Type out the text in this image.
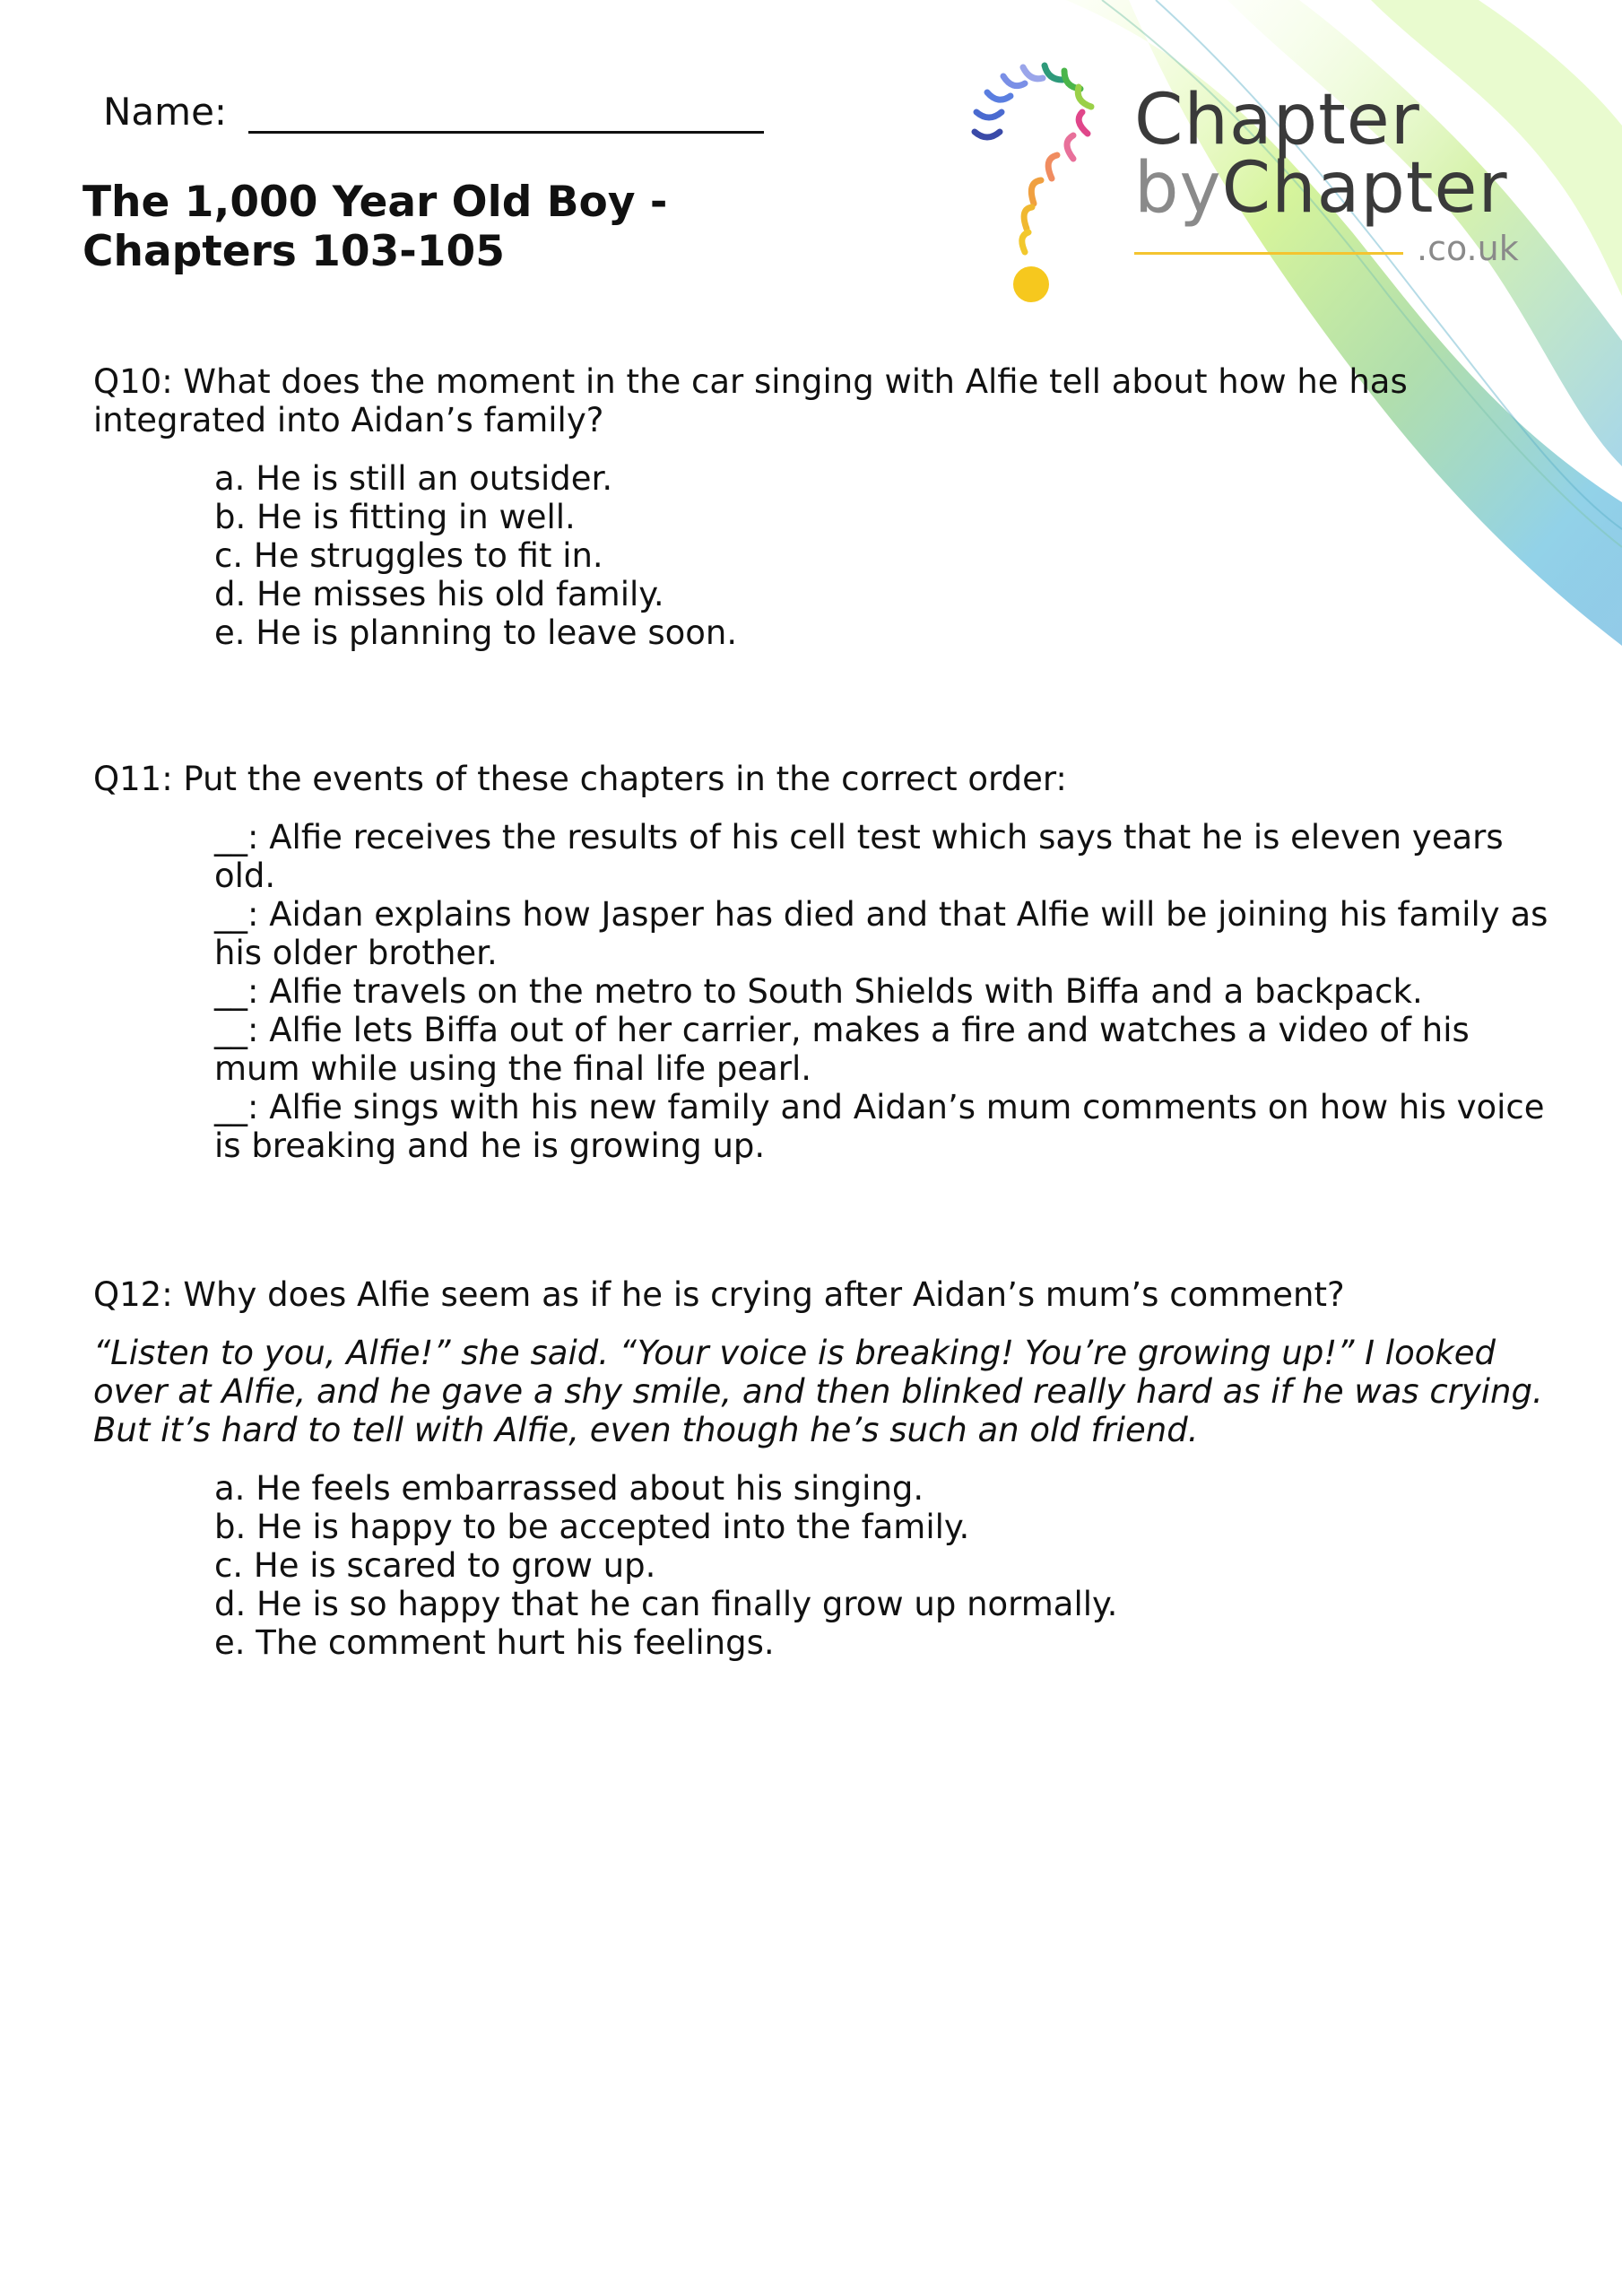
Name:
The 1,000 Year Old Boy - Chapters 103-105
Chapter
byChapter
.co.uk

Q10: What does the moment in the car singing with Alfie tell about how he has integrated into Aidan’s family?

a. He is still an outsider.
b. He is fitting in well.
c. He struggles to fit in.
d. He misses his old family.
e. He is planning to leave soon.

Q11: Put the events of these chapters in the correct order:

__: Alfie receives the results of his cell test which says that he is eleven years old.
__: Aidan explains how Jasper has died and that Alfie will be joining his family as his older brother.
__: Alfie travels on the metro to South Shields with Biffa and a backpack.
__: Alfie lets Biffa out of her carrier, makes a fire and watches a video of his mum while using the final life pearl.
__: Alfie sings with his new family and Aidan’s mum comments on how his voice is breaking and he is growing up.

Q12: Why does Alfie seem as if he is crying after Aidan’s mum’s comment?

“Listen to you, Alfie!” she said. “Your voice is breaking! You’re growing up!” I looked over at Alfie, and he gave a shy smile, and then blinked really hard as if he was crying. But it’s hard to tell with Alfie, even though he’s such an old friend.

a. He feels embarrassed about his singing.
b. He is happy to be accepted into the family.
c. He is scared to grow up.
d. He is so happy that he can finally grow up normally.
e. The comment hurt his feelings.
